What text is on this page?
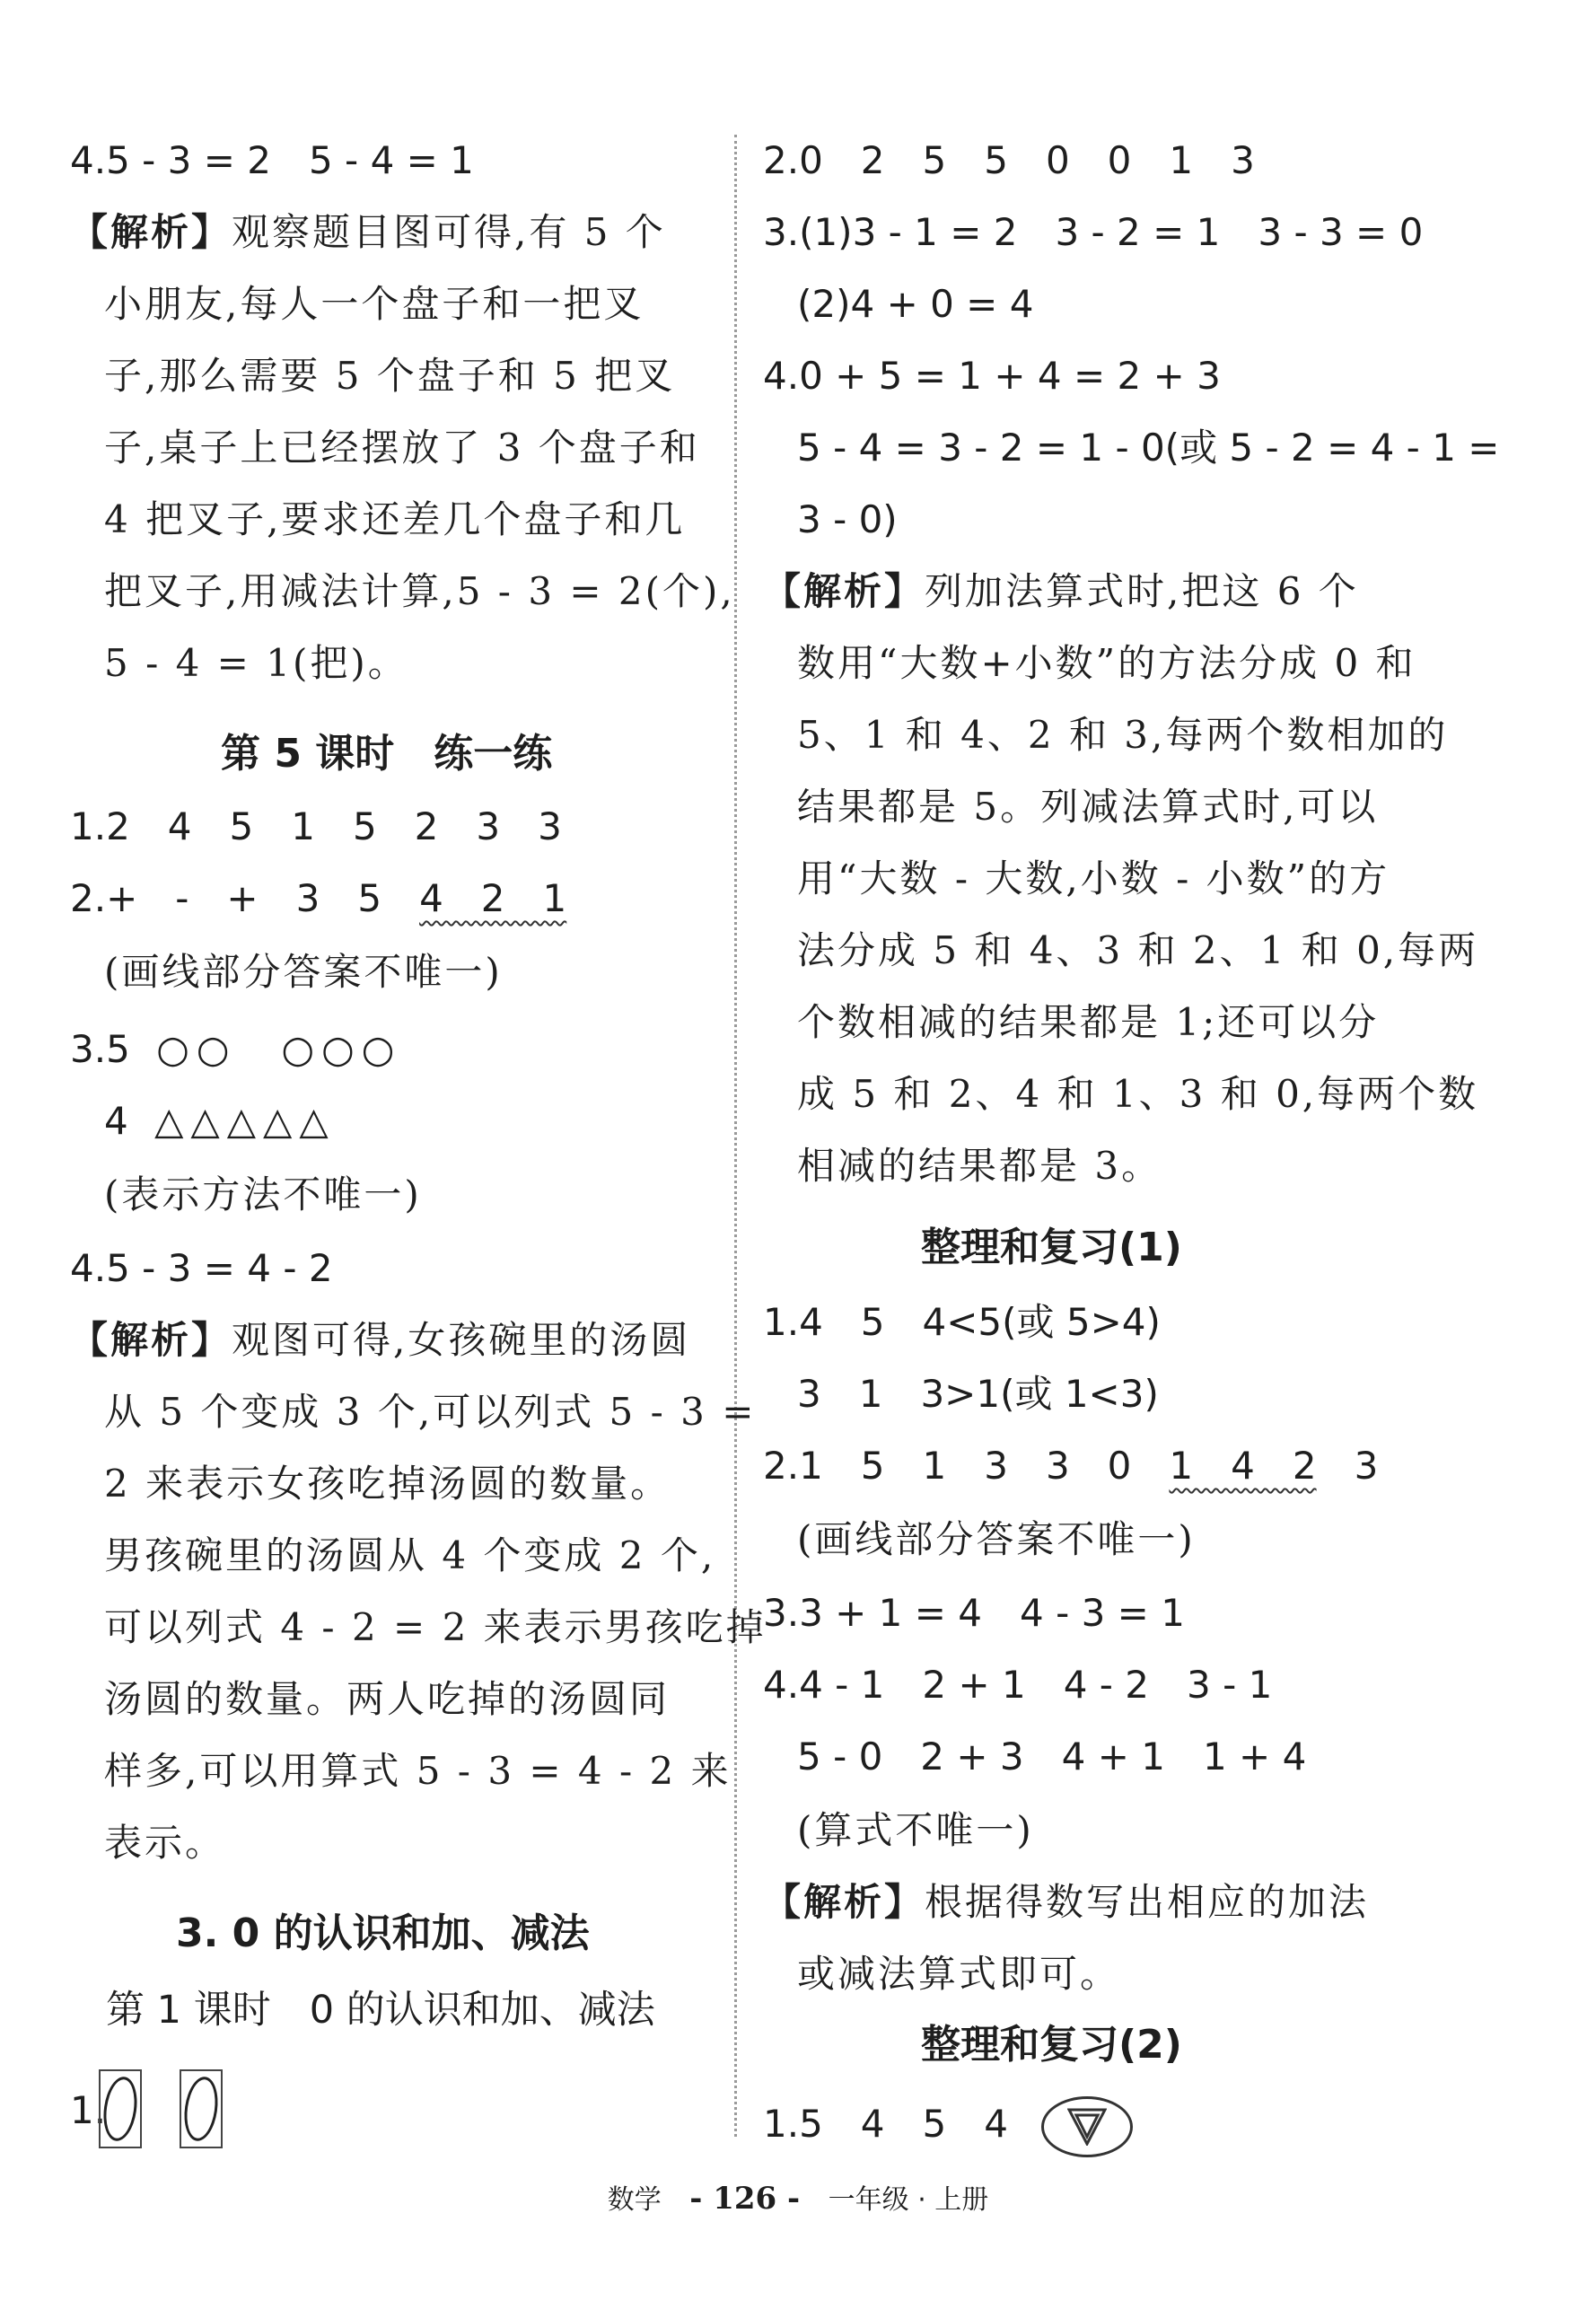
4.5 - 3 = 2　5 - 4 = 1
【解析】观察题目图可得,有 5 个
小朋友,每人一个盘子和一把叉
子,那么需要 5 个盘子和 5 把叉
子,桌子上已经摆放了 3 个盘子和
4 把叉子,要求还差几个盘子和几
把叉子,用减法计算,5 - 3 = 2(个),
5 - 4 = 1(把)。
第 5 课时　练一练
1.2　4　5　1　5　2　3　3
2.+　-　+　3　5　4　2　1
(画线部分答案不唯一)
3.5 ○○　○○○
4 △△△△△
(表示方法不唯一)
4.5 - 3 = 4 - 2
【解析】观图可得,女孩碗里的汤圆
从 5 个变成 3 个,可以列式 5 - 3 =
2 来表示女孩吃掉汤圆的数量。
男孩碗里的汤圆从 4 个变成 2 个,
可以列式 4 - 2 = 2 来表示男孩吃掉
汤圆的数量。两人吃掉的汤圆同
样多,可以用算式 5 - 3 = 4 - 2 来
表示。
3. 0 的认识和加、减法
第 1 课时　0 的认识和加、减法
1.
2.0　2　5　5　0　0　1　3
3.(1)3 - 1 = 2　3 - 2 = 1　3 - 3 = 0
(2)4 + 0 = 4
4.0 + 5 = 1 + 4 = 2 + 3
5 - 4 = 3 - 2 = 1 - 0(或 5 - 2 = 4 - 1 =
3 - 0)
【解析】列加法算式时,把这 6 个
数用“大数+小数”的方法分成 0 和
5、1 和 4、2 和 3,每两个数相加的
结果都是 5。列减法算式时,可以
用“大数 - 大数,小数 - 小数”的方
法分成 5 和 4、3 和 2、1 和 0,每两
个数相减的结果都是 1;还可以分
成 5 和 2、4 和 1、3 和 0,每两个数
相减的结果都是 3。
整理和复习(1)
1.4　5　4<5(或 5>4)
3　1　3>1(或 1<3)
2.1　5　1　3　3　0　1　4　2　3
(画线部分答案不唯一)
3.3 + 1 = 4　4 - 3 = 1
4.4 - 1　2 + 1　4 - 2　3 - 1
5 - 0　2 + 3　4 + 1　1 + 4
(算式不唯一)
【解析】根据得数写出相应的加法
或减法算式即可。
整理和复习(2)
1.5　4　5　4
数学 - 126 - 一年级 · 上册
